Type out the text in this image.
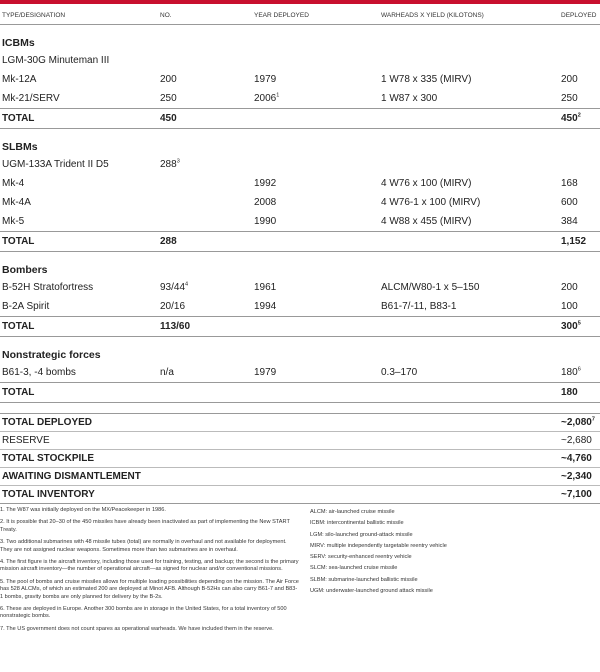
TYPE/DESIGNATION	NO.	YEAR DEPLOYED	WARHEADS X YIELD (KILOTONS)	DEPLOYED

ICBMs				
LGM-30G Minuteman III				
Mk-12A	200	1979	1 W78 x 335 (MIRV)	200
Mk-21/SERV	250	2006$^1$	1 W87 x 300	250
TOTAL	450			$450^2$

SLBMs				
UGM-133A Trident II D5	$288^3$			
Mk-4		1992	4 W76 x 100 (MIRV)	168
Mk-4A		2008	4 W76-1 x 100 (MIRV)	600
Mk-5		1990	4 W88 x 455 (MIRV)	384
TOTAL	288			1,152

Bombers				
B-52H Stratofortress	$93/44^4$	1961	ALCM/W80-1 x 5–150	200
B-2A Spirit	20/16	1994	B61-7/-11, B83-1	100
TOTAL	113/60			$300^5$

Nonstrategic forces				
B61-3, -4 bombs	n/a	1979	0.3–170	$180^6$
TOTAL				180

TOTAL DEPLOYED				~2,080$^7$
RESERVE				~2,680
TOTAL STOCKPILE				~4,760
AWAITING DISMANTLEMENT				~2,340
TOTAL INVENTORY				~7,100

1. The W87 was initially deployed on the MX/Peacekeeper in 1986.

2. It is possible that 20–30 of the 450 missiles have already been inactivated as part of implementing the New START Treaty.

3. Two additional submarines with 48 missile tubes (total) are normally in overhaul and not available for deployment. They are not assigned nuclear weapons. Sometimes more than two submarines are in overhaul.

4. The first figure is the aircraft inventory, including those used for training, testing, and backup; the second is the primary mission aircraft inventory—the number of operational aircraft—as signed for nuclear and/or conventional missions.

5. The pool of bombs and cruise missiles allows for multiple loading possibilities depending on the mission. The Air Force has 528 ALCMs, of which an estimated 200 are deployed at Minot AFB. Although B-52Hs can also carry B61-7 and B83-1 bombs, gravity bombs are only planned for delivery by the B-2s.

6. These are deployed in Europe. Another 300 bombs are in storage in the United States, for a total inventory of 500 nonstrategic bombs.

7. The US government does not count spares as operational warheads. We have included them in the reserve.

ALCM: air-launched cruise missile
ICBM: intercontinental ballistic missile
LGM: silo-launched ground-attack missile
MIRV: multiple independently targetable reentry vehicle
SERV: security-enhanced reentry vehicle
SLCM: sea-launched cruise missile
SLBM: submarine-launched ballistic missile
UGM: underwater-launched ground attack missile
